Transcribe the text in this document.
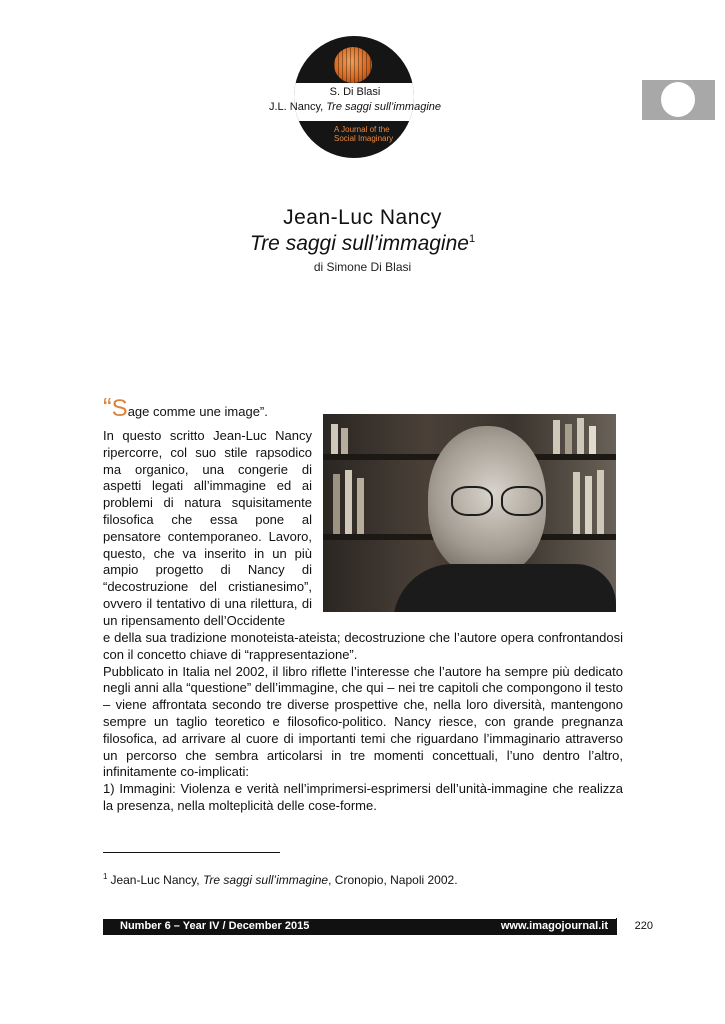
A Journal of the Social Imaginary
S. Di Blasi
J.L. Nancy, Tre saggi sull’immagine
Jean-Luc Nancy
Tre saggi sull’immagine$^1$
di Simone Di Blasi
“Sage comme une image”.
In questo scritto Jean-Luc Nancy ripercorre, col suo stile rapsodico ma organico, una congerie di aspetti legati all’immagine ed ai problemi di natura squisitamente filosofica che essa pone al pensatore contemporaneo. Lavoro, questo, che va inserito in un più ampio progetto di Nancy di “decostruzione del cristianesimo”, ovvero il tentativo di una rilettura, di un ripensamento dell’Occidente

e della sua tradizione monoteista-ateista; decostruzione che l’autore opera confrontandosi con il concetto chiave di “rappresentazione”.

Pubblicato in Italia nel 2002, il libro riflette l’interesse che l’autore ha sempre più dedicato negli anni alla “questione” dell’immagine, che qui – nei tre capitoli che compongono il testo – viene affrontata secondo tre diverse prospettive che, nella loro diversità, mantengono sempre un taglio teoretico e filosofico-politico. Nancy riesce, con grande pregnanza filosofica, ad arrivare al cuore di importanti temi che riguardano l’immaginario attraverso un percorso che sembra articolarsi in tre momenti concettuali, l’uno dentro l’altro, infinitamente co-implicati:

1) Immagini: Violenza e verità nell’imprimersi-esprimersi dell’unità-immagine che realizza la presenza, nella molteplicità delle cose-forme.

$^1$ Jean-Luc Nancy, Tre saggi sull’immagine, Cronopio, Napoli 2002.
Number 6 – Year IV / December 2015	www.imagojournal.it	220
